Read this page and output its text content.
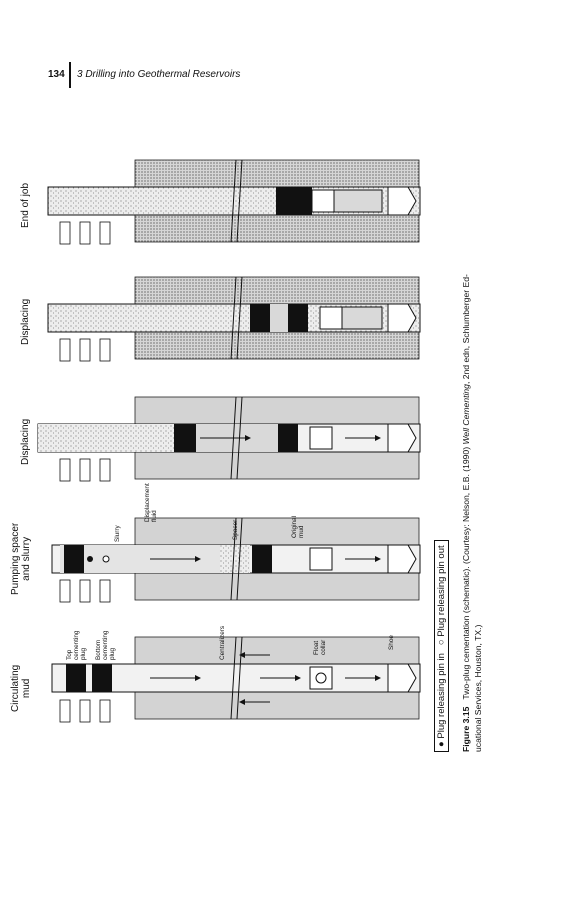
134 3 Drilling into Geothermal Reservoirs
Circulating mud
Pumping spacer and slurry
Displacing
Displacing
End of job
Top cementing plug Bottom cementing plug	Centralizers	Float collar	Shoe
Slurry	Spacer	Original mud
Displacement fluid
● Plug releasing pin in   ○ Plug releasing pin out
Figure 3.15   Two-plug cementation (schematic). (Courtesy: Nelson, E.B. (1990) Well Cementing, 2nd edn, Schlumberger Ed-
ucational Services, Houston, TX.)
